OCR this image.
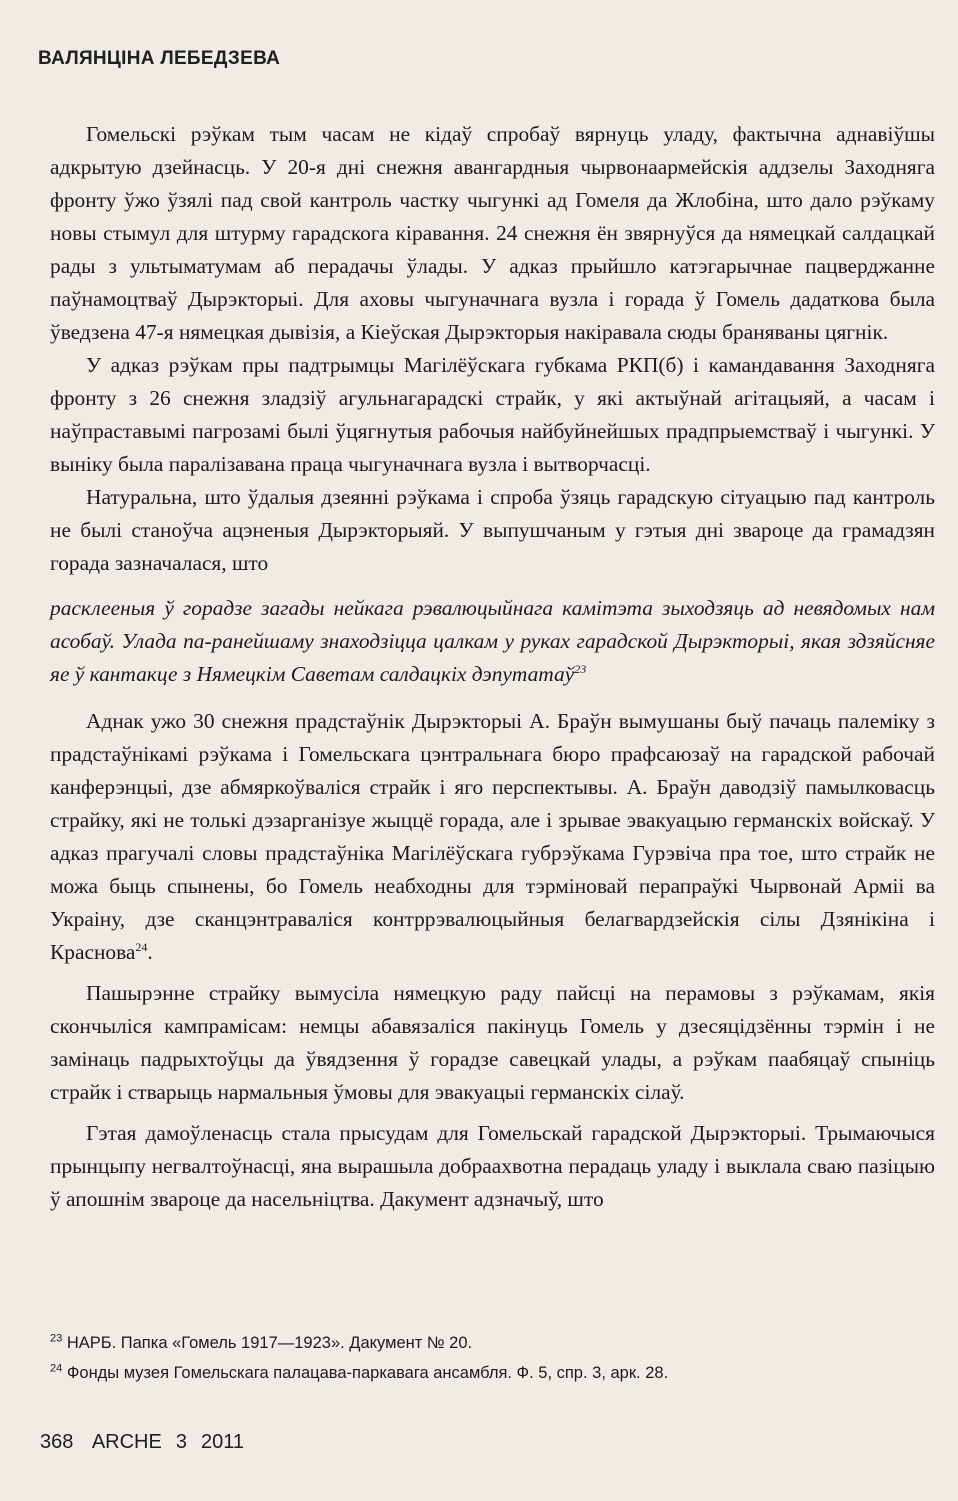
ВАЛЯНЦІНА ЛЕБЕДЗЕВА

Гомельскі рэўкам тым часам не кідаў спробаў вярнуць уладу, фактычна аднавіўшы адкрытую дзейнасць. У 20-я дні снежня авангардныя чырвонаармейскія аддзелы Заходняга фронту ўжо ўзялі пад свой кантроль частку чыгункі ад Гомеля да Жлобіна, што дало рэўкаму новы стымул для штурму гарадскога кіравання. 24 снежня ён звярнуўся да нямецкай салдацкай рады з ультыматумам аб перадачы ўлады. У адказ прыйшло катэгарычнае пацверджанне паўнамоцтваў Дырэкторыі. Для аховы чыгуначнага вузла і горада ў Гомель дадаткова была ўведзена 47-я нямецкая дывізія, а Кіеўская Дырэкторыя накіравала сюды браняваны цягнік.

У адказ рэўкам пры падтрымцы Магілёўскага губкама РКП(б) і камандавання Заходняга фронту з 26 снежня зладзіў агульнагарадскі страйк, у які актыўнай агітацыяй, а часам і наўпраставымі пагрозамі былі ўцягнутыя рабочыя найбуйнейшых прадпрыемстваў і чыгункі. У выніку была паралізавана праца чыгуначнага вузла і вытворчасці.

Натуральна, што ўдалыя дзеянні рэўкама і спроба ўзяць гарадскую сітуацыю пад кантроль не былі станоўча ацэненыя Дырэкторыяй. У выпушчаным у гэтыя дні звароце да грамадзян горада зазначалася, што

расклееныя ў горадзе загады нейкага рэвалюцыйнага камітэта зыходзяць ад невядомых нам асобаў. Улада па-ранейшаму знаходзіцца цалкам у руках гарадской Дырэкторыі, якая здзяйсняе яе ў кантакце з Нямецкім Саветам салдацкіх дэпутатаў$^{23}$

Аднак ужо 30 снежня прадстаўнік Дырэкторыі А. Браўн вымушаны быў пачаць палеміку з прадстаўнікамі рэўкама і Гомельскага цэнтральнага бюро прафсаюзаў на гарадской рабочай канферэнцыі, дзе абмяркоўваліся страйк і яго перспектывы. А. Браўн даводзіў памылковасць страйку, які не толькі дэзарганізуе жыццё горада, але і зрывае эвакуацыю германскіх войскаў. У адказ прагучалі словы прадстаўніка Магілёўскага губрэўкама Гурэвіча пра тое, што страйк не можа быць спынены, бо Гомель неабходны для тэрміновай перапраўкі Чырвонай Арміі ва Украіну, дзе сканцэнтраваліся контррэвалюцыйныя белагвардзейскія сілы Дзянікіна і Краснова$^{24}$.

Пашырэнне страйку вымусіла нямецкую раду пайсці на перамовы з рэўкамам, якія скончыліся кампрамісам: немцы абавязаліся пакінуць Гомель у дзесяцідзённы тэрмін і не замінаць падрыхтоўцы да ўвядзення ў горадзе савецкай улады, а рэўкам паабяцаў спыніць страйк і стварыць нармальныя ўмовы для эвакуацыі германскіх сілаў.

Гэтая дамоўленасць стала прысудам для Гомельскай гарадской Дырэкторыі. Трымаючыся прынцыпу негвалтоўнасці, яна вырашыла добраахвотна перадаць уладу і выклала сваю пазіцыю ў апошнім звароце да насельніцтва. Дакумент адзначыў, што

$^{23}$ НАРБ. Папка «Гомель 1917—1923». Дакумент № 20.

$^{24}$ Фонды музея Гомельскага палацава-паркавага ансамбля. Ф. 5, спр. 3, арк. 28.

368 ARCHE 3 2011
